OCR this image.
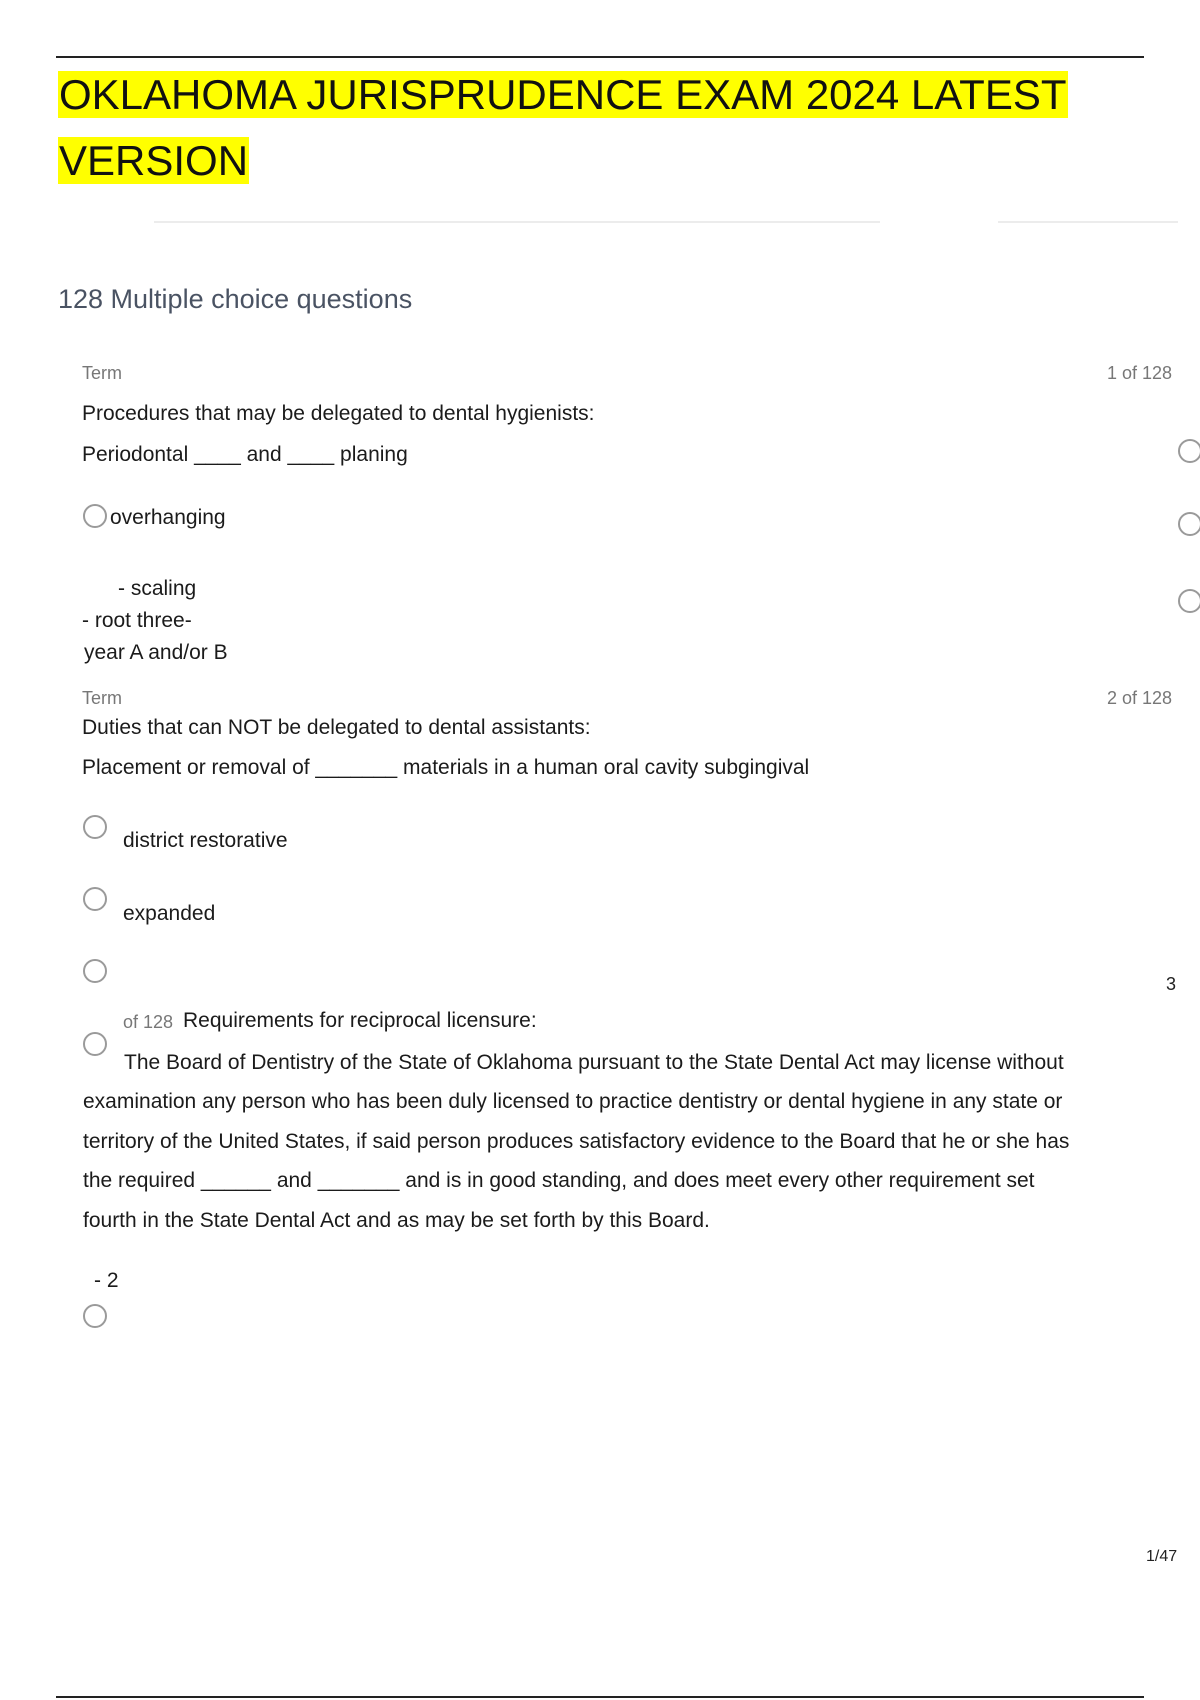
OKLAHOMA JURISPRUDENCE EXAM 2024 LATEST VERSION
128 Multiple choice questions
Term	1 of 128
Procedures that may be delegated to dental hygienists:
Periodontal ____ and ____ planing
overhanging
- scaling
- root three-
year A and/or B
Term	2 of 128
Duties that can NOT be delegated to dental assistants:
Placement or removal of _______ materials in a human oral cavity subgingival
district restorative
expanded
3
of 128 Requirements for reciprocal licensure:
The Board of Dentistry of the State of Oklahoma pursuant to the State Dental Act may license without
examination any person who has been duly licensed to practice dentistry or dental hygiene in any state or
territory of the United States, if said person produces satisfactory evidence to the Board that he or she has
the required ______ and _______ and is in good standing, and does meet every other requirement set
fourth in the State Dental Act and as may be set forth by this Board.
- 2
1/47
